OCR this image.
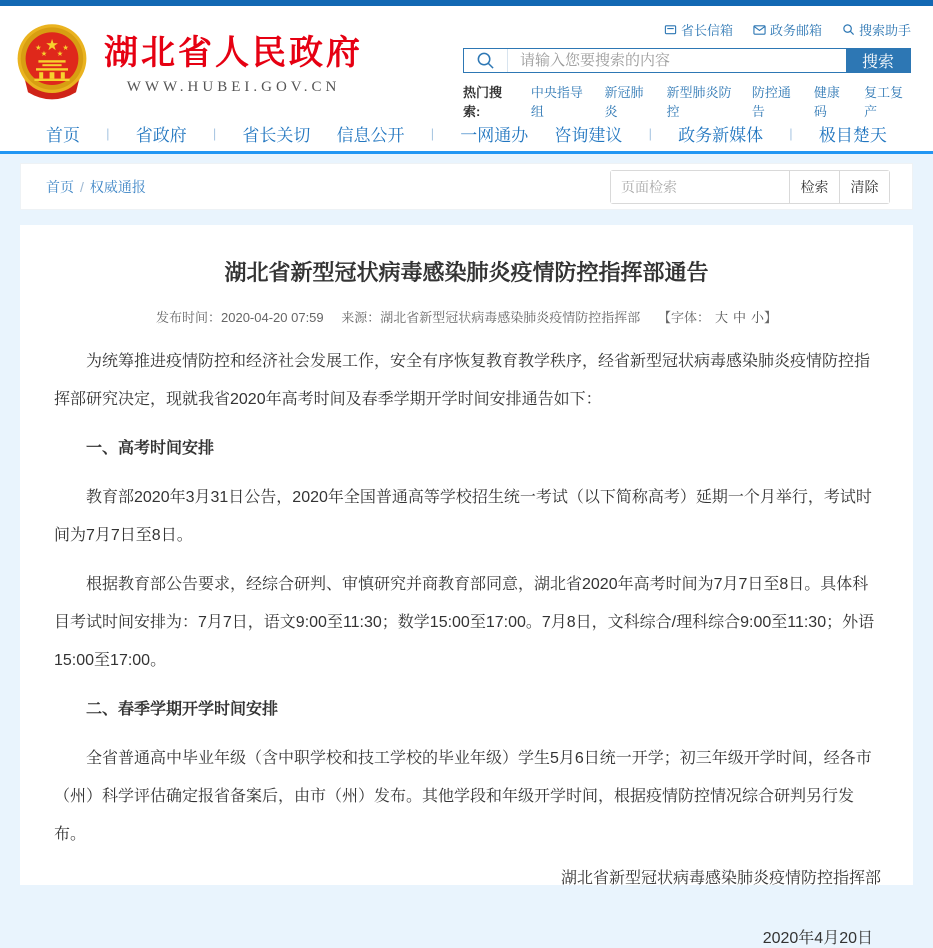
★
★ ★
★ ★ 湖北省人民政府
WWW.HUBEI.GOV.CN
省长信箱	政务邮箱	搜索助手
请输入您要搜索的内容
搜索
热门搜索:
中央指导组
新冠肺炎
新型肺炎防控
防控通告
健康码
复工复产
首页 | 省政府 | 省长关切 信息公开 | 一网通办 咨询建议 | 政务新媒体 | 极目楚天
首页 / 权威通报
页面检索	检索	清除
湖北省新型冠状病毒感染肺炎疫情防控指挥部通告
发布时间：2020-04-20 07:59 来源：湖北省新型冠状病毒感染肺炎疫情防控指挥部 【字体： 大 中 小】

为统筹推进疫情防控和经济社会发展工作，安全有序恢复教育教学秩序，经省新型冠状病毒感染肺炎疫情防控指挥部研究决定，现就我省2020年高考时间及春季学期开学时间安排通告如下：

一、高考时间安排

教育部2020年3月31日公告，2020年全国普通高等学校招生统一考试（以下简称高考）延期一个月举行，考试时间为7月7日至8日。

根据教育部公告要求，经综合研判、审慎研究并商教育部同意，湖北省2020年高考时间为7月7日至8日。具体科目考试时间安排为：7月7日，语文9:00至11:30；数学15:00至17:00。7月8日，文科综合/理科综合9:00至11:30；外语15:00至17:00。

二、春季学期开学时间安排

全省普通高中毕业年级（含中职学校和技工学校的毕业年级）学生5月6日统一开学；初三年级开学时间，经各市（州）科学评估确定报省备案后，由市（州）发布。其他学段和年级开学时间，根据疫情防控情况综合研判另行发布。

湖北省新型冠状病毒感染肺炎疫情防控指挥部
2020年4月20日
